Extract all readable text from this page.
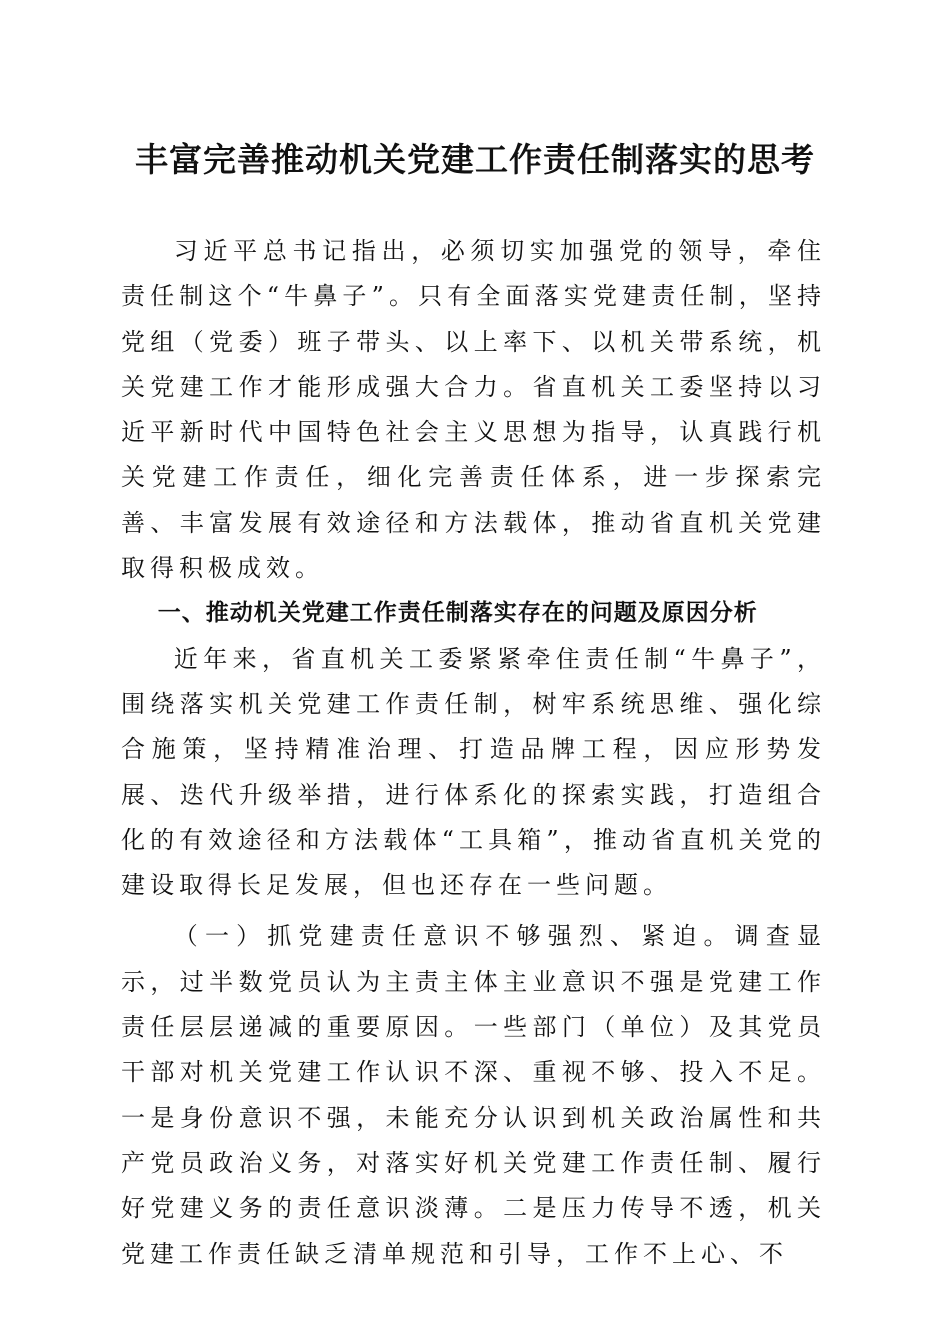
丰富完善推动机关党建工作责任制落实的思考

习近平总书记指出，必须切实加强党的领导，牵住责任制这个“牛鼻子”。只有全面落实党建责任制，坚持党组（党委）班子带头、以上率下、以机关带系统，机关党建工作才能形成强大合力。省直机关工委坚持以习近平新时代中国特色社会主义思想为指导，认真践行机关党建工作责任，细化完善责任体系，进一步探索完善、丰富发展有效途径和方法载体，推动省直机关党建取得积极成效。

一、推动机关党建工作责任制落实存在的问题及原因分析

近年来，省直机关工委紧紧牵住责任制“牛鼻子”，围绕落实机关党建工作责任制，树牢系统思维、强化综合施策，坚持精准治理、打造品牌工程，因应形势发展、迭代升级举措，进行体系化的探索实践，打造组合化的有效途径和方法载体“工具箱”，推动省直机关党的建设取得长足发展，但也还存在一些问题。

（一）抓党建责任意识不够强烈、紧迫。调查显示，过半数党员认为主责主体主业意识不强是党建工作责任层层递减的重要原因。一些部门（单位）及其党员干部对机关党建工作认识不深、重视不够、投入不足。一是身份意识不强，未能充分认识到机关政治属性和共产党员政治义务，对落实好机关党建工作责任制、履行好党建义务的责任意识淡薄。二是压力传导不透，机关党建工作责任缺乏清单规范和引导，工作不上心、不
